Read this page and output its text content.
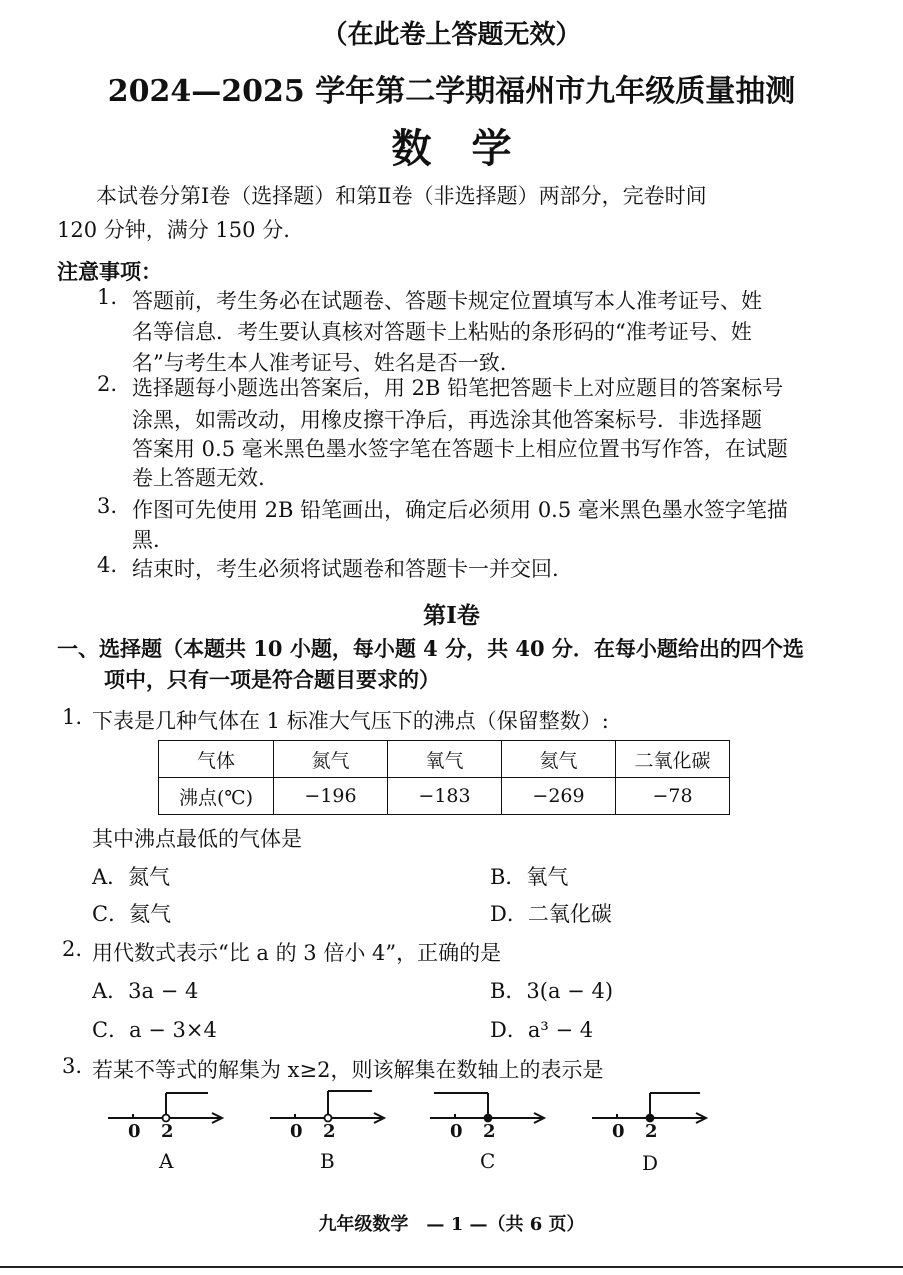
（在此卷上答题无效）
2024—2025 学年第二学期福州市九年级质量抽测
数　学
本试卷分第Ⅰ卷（选择题）和第Ⅱ卷（非选择题）两部分，完卷时间
120 分钟，满分 150 分.
注意事项：
1. 答题前，考生务必在试题卷、答题卡规定位置填写本人准考证号、姓
名等信息．考生要认真核对答题卡上粘贴的条形码的“准考证号、姓
名”与考生本人准考证号、姓名是否一致.
2. 选择题每小题选出答案后，用 2B 铅笔把答题卡上对应题目的答案标号
涂黑，如需改动，用橡皮擦干净后，再选涂其他答案标号．非选择题
答案用 0.5 毫米黑色墨水签字笔在答题卡上相应位置书写作答，在试题
卷上答题无效.
3. 作图可先使用 2B 铅笔画出，确定后必须用 0.5 毫米黑色墨水签字笔描
黑.
4. 结束时，考生必须将试题卷和答题卡一并交回.
第Ⅰ卷
一、选择题（本题共 10 小题，每小题 4 分，共 40 分．在每小题给出的四个选
项中，只有一项是符合题目要求的）
1. 下表是几种气体在 1 标准大气压下的沸点（保留整数）:
气体	氮气	氧气	氦气	二氧化碳
沸点(℃)	−196	−183	−269	−78
其中沸点最低的气体是
A．氮气	B．氧气
C．氦气	D．二氧化碳
2. 用代数式表示“比 a 的 3 倍小 4”，正确的是
A．3a − 4	B．3(a − 4)
C．a − 3×4	D．a³ − 4
3. 若某不等式的解集为 x≥2，则该解集在数轴上的表示是
0 2
A
0 2
B
0 2
C
0 2
D
九年级数学　— 1 —（共 6 页）
